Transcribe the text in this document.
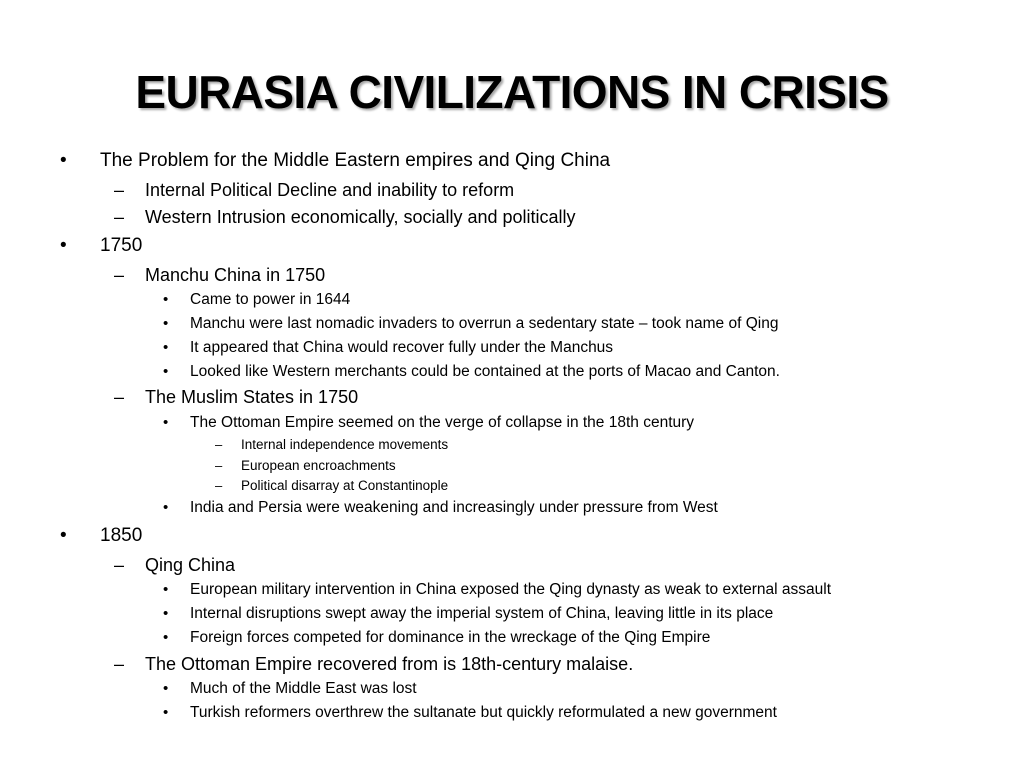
EURASIA CIVILIZATIONS IN CRISIS
• The Problem for the Middle Eastern empires and Qing China
– Internal Political Decline and inability to reform
– Western Intrusion economically, socially and politically
• 1750
– Manchu China in 1750
• Came to power in 1644
• Manchu were last nomadic invaders to overrun a sedentary state – took name of Qing
• It appeared that China would recover fully under the Manchus
• Looked like Western merchants could be contained at the ports of Macao and Canton.
– The Muslim States in 1750
• The Ottoman Empire seemed on the verge of collapse in the 18th century
– Internal independence movements
– European encroachments
– Political disarray at Constantinople
• India and Persia were weakening and increasingly under pressure from West
• 1850
– Qing China
• European military intervention in China exposed the Qing dynasty as weak to external assault
• Internal disruptions swept away the imperial system of China, leaving little in its place
• Foreign forces competed for dominance in the wreckage of the Qing Empire
– The Ottoman Empire recovered from is 18th-century malaise.
• Much of the Middle East was lost
• Turkish reformers overthrew the sultanate but quickly reformulated a new government
